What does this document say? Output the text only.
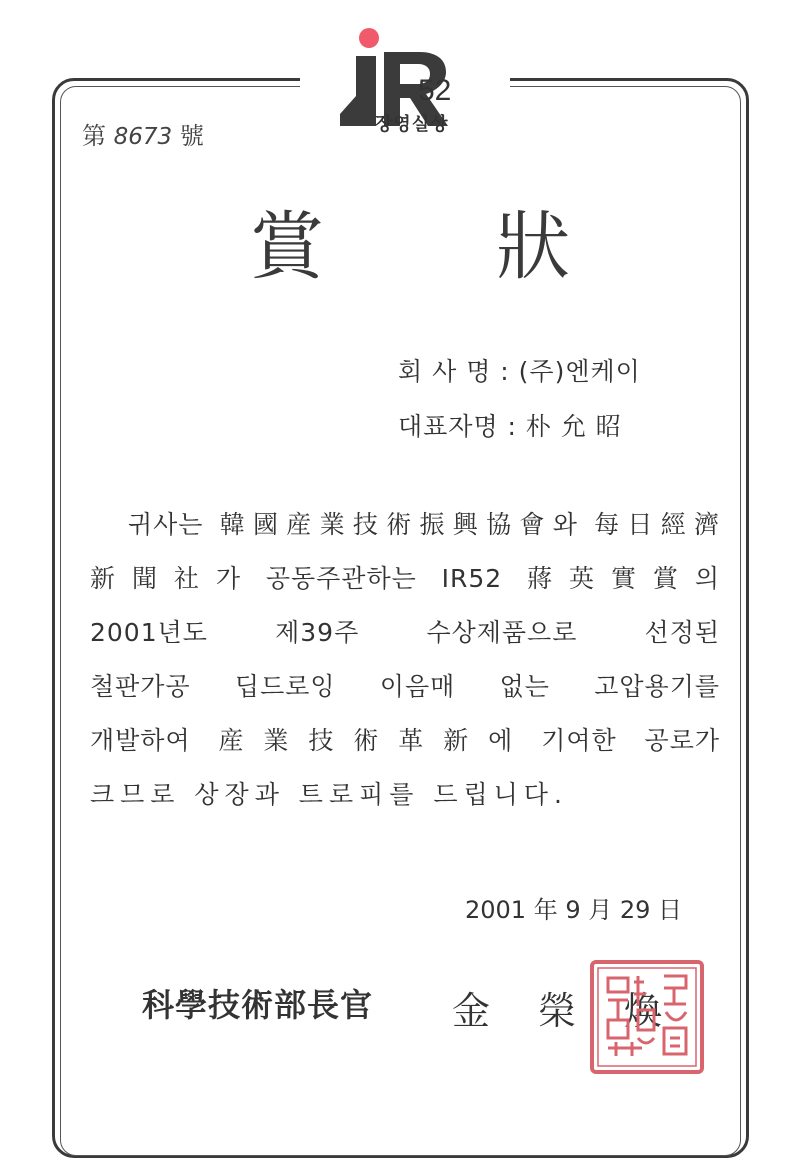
52
장영실상
第 8673 號
賞 狀
회 사 명 : (주)엔케이
대표자명 : 朴 允 昭
귀사는 韓國産業技術振興協會와 每日經濟
新聞社가 공동주관하는 IR52 蔣英實賞의
2001년도 제39주 수상제품으로 선정된
철판가공 딥드로잉 이음매 없는 고압용기를
개발하여 産業技術革新에 기여한 공로가
크므로 상장과 트로피를 드립니다.
2001 年 9 月 29 日
科學技術部長官 金 榮 煥
